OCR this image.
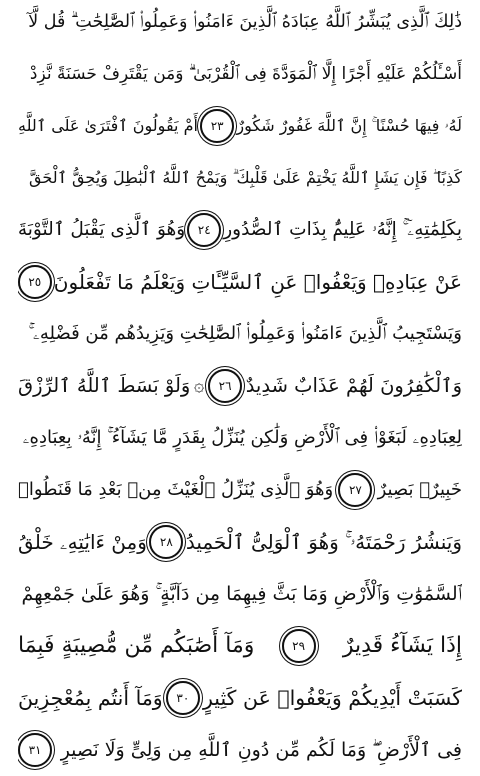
ذَٰلِكَ ٱلَّذِى يُبَشِّرُ ٱللَّهُ عِبَادَهُ ٱلَّذِينَ ءَامَنُوا۟ وَعَمِلُوا۟ ٱلصَّٰلِحَٰتِ ۗ قُل لَّآ
أَسْـَٔلُكُمْ عَلَيْهِ أَجْرًا إِلَّا ٱلْمَوَدَّةَ فِى ٱلْقُرْبَىٰ ۗ وَمَن يَقْتَرِفْ حَسَنَةً نَّزِدْ
لَهُۥ فِيهَا حُسْنًا ۚ إِنَّ ٱللَّهَ غَفُورٌ شَكُورٌ
٢٣
أَمْ يَقُولُونَ ٱفْتَرَىٰ عَلَى ٱللَّهِ
كَذِبًا ۖ فَإِن يَشَإِ ٱللَّهُ يَخْتِمْ عَلَىٰ قَلْبِكَ ۗ وَيَمْحُ ٱللَّهُ ٱلْبَٰطِلَ وَيُحِقُّ ٱلْحَقَّ
بِكَلِمَٰتِهِۦٓ ۚ إِنَّهُۥ عَلِيمٌۢ بِذَاتِ ٱلصُّدُورِ
٢٤
وَهُوَ ٱلَّذِى يَقْبَلُ ٱلتَّوْبَةَ
عَنْ عِبَادِهِۦ وَيَعْفُوا۟ عَنِ ٱلسَّيِّـَٔاتِ وَيَعْلَمُ مَا تَفْعَلُونَ
٢٥
وَيَسْتَجِيبُ ٱلَّذِينَ ءَامَنُوا۟ وَعَمِلُوا۟ ٱلصَّٰلِحَٰتِ وَيَزِيدُهُم مِّن فَضْلِهِۦ ۚ
وَٱلْكَٰفِرُونَ لَهُمْ عَذَابٌ شَدِيدٌ
٢٦
۞
وَلَوْ بَسَطَ ٱللَّهُ ٱلرِّزْقَ
لِعِبَادِهِۦ لَبَغَوْا۟ فِى ٱلْأَرْضِ وَلَٰكِن يُنَزِّلُ بِقَدَرٍ مَّا يَشَآءُ ۚ إِنَّهُۥ بِعِبَادِهِۦ
خَبِيرٌۢ بَصِيرٌ
٢٧
وَهُوَ ٱلَّذِى يُنَزِّلُ ٱلْغَيْثَ مِنۢ بَعْدِ مَا قَنَطُوا۟
وَيَنشُرُ رَحْمَتَهُۥ ۚ وَهُوَ ٱلْوَلِىُّ ٱلْحَمِيدُ
٢٨
وَمِنْ ءَايَٰتِهِۦ خَلْقُ
ٱلسَّمَٰوَٰتِ وَٱلْأَرْضِ وَمَا بَثَّ فِيهِمَا مِن دَآبَّةٍ ۚ وَهُوَ عَلَىٰ جَمْعِهِمْ
إِذَا يَشَآءُ قَدِيرٌ
٢٩
وَمَآ أَصَٰبَكُم مِّن مُّصِيبَةٍ فَبِمَا
كَسَبَتْ أَيْدِيكُمْ وَيَعْفُوا۟ عَن كَثِيرٍ
٣٠
وَمَآ أَنتُم بِمُعْجِزِينَ
فِى ٱلْأَرْضِ ۖ وَمَا لَكُم مِّن دُونِ ٱللَّهِ مِن وَلِىٍّ وَلَا نَصِيرٍ
٣١
